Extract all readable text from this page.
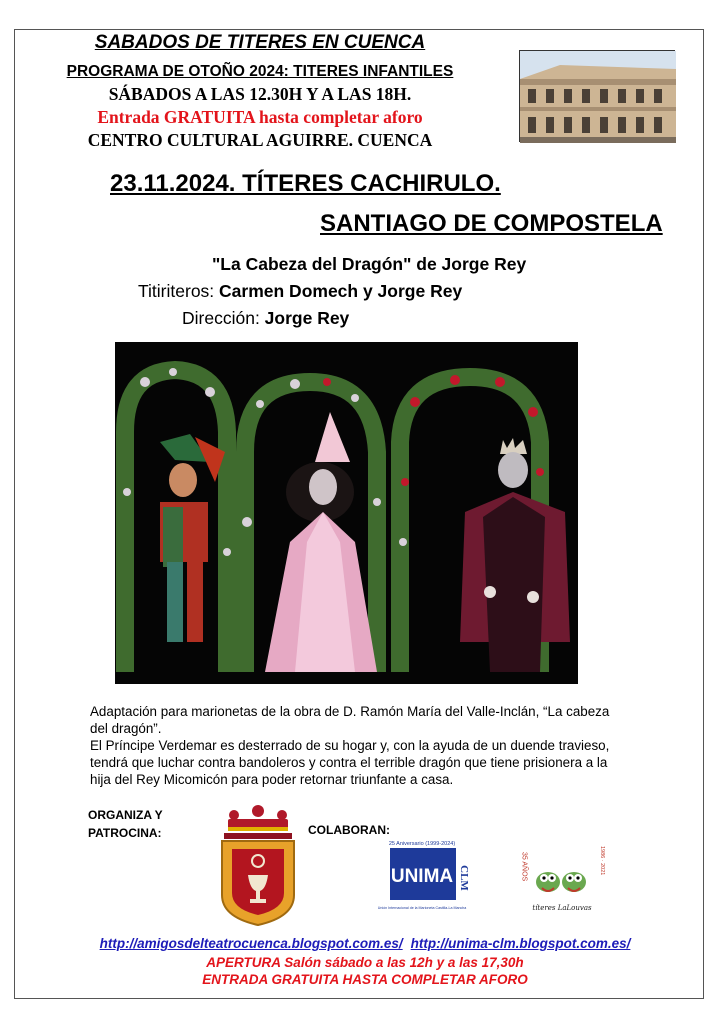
SABADOS DE TITERES EN CUENCA
PROGRAMA DE OTOÑO 2024: TITERES INFANTILES
SÁBADOS A LAS 12.30H Y A LAS 18H.
Entrada GRATUITA hasta completar aforo
CENTRO CULTURAL AGUIRRE. CUENCA
23.11.2024. TÍTERES CACHIRULO.
SANTIAGO DE COMPOSTELA
"La Cabeza del Dragón" de Jorge Rey
Titiriteros: Carmen Domech y Jorge Rey
Dirección: Jorge Rey

Adaptación para marionetas de la obra de D. Ramón María del Valle-Inclán, “La cabeza del dragón”.

El Príncipe Verdemar es desterrado de su hogar y, con la ayuda de un duende travieso, tendrá que luchar contra bandoleros y contra el terrible dragón que tiene prisionera a la hija del Rey Micomicón para poder retornar triunfante a casa.

ORGANIZA Y
PATROCINA:	COLABORAN:
25 Aniversario (1999-2024)
UNIMA CLM
Unión Internacional de la Marioneta Castilla-La Mancha
35 AÑOS	1986 · 2021
títeres LaLouvas
http://amigosdelteatrocuenca.blogspot.com.es/ http://unima-clm.blogspot.com.es/
APERTURA Salón sábado a las 12h y a las 17,30h
ENTRADA GRATUITA HASTA COMPLETAR AFORO
